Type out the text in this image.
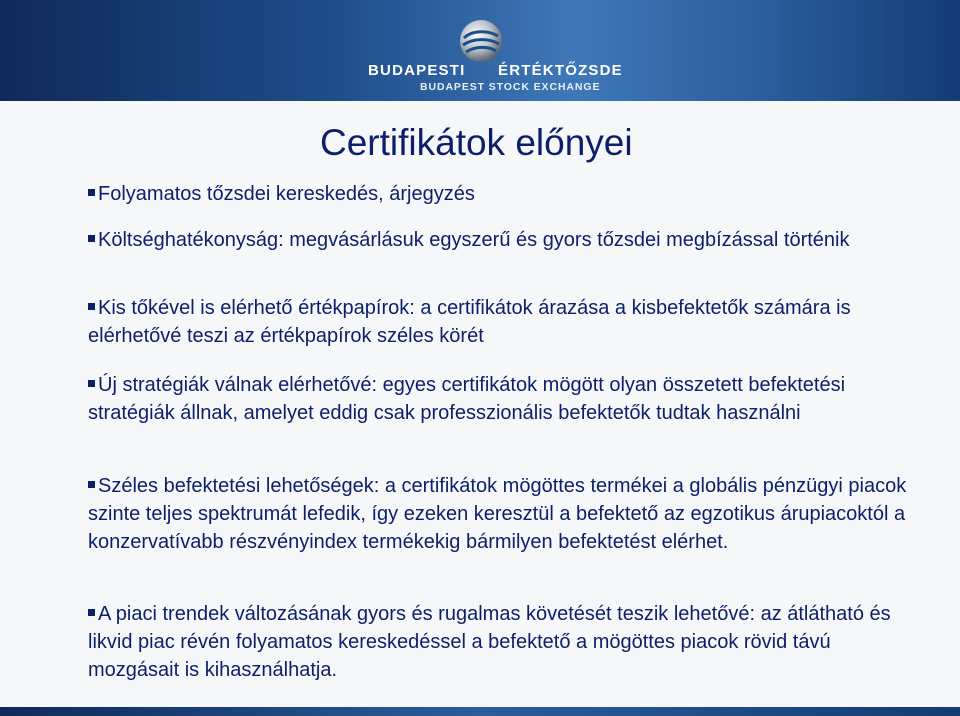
BUDAPESTI ÉRTÉKTŐZSDE
BUDAPEST STOCK EXCHANGE
Certifikátok előnyei
Folyamatos tőzsdei kereskedés, árjegyzés
Költséghatékonyság: megvásárlásuk egyszerű és gyors tőzsdei megbízással történik
Kis tőkével is elérhető értékpapírok: a certifikátok árazása a kisbefektetők számára is elérhetővé teszi az értékpapírok széles körét
Új stratégiák válnak elérhetővé: egyes certifikátok mögött olyan összetett befektetési stratégiák állnak, amelyet eddig csak professzionális befektetők tudtak használni
Széles befektetési lehetőségek: a certifikátok mögöttes termékei a globális pénzügyi piacok szinte teljes spektrumát lefedik, így ezeken keresztül a befektető az egzotikus árupiacoktól a konzervatívabb részvényindex termékekig bármilyen befektetést elérhet.
A piaci trendek változásának gyors és rugalmas követését teszik lehetővé: az átlátható és likvid piac révén folyamatos kereskedéssel a befektető a mögöttes piacok rövid távú mozgásait is kihasználhatja.
